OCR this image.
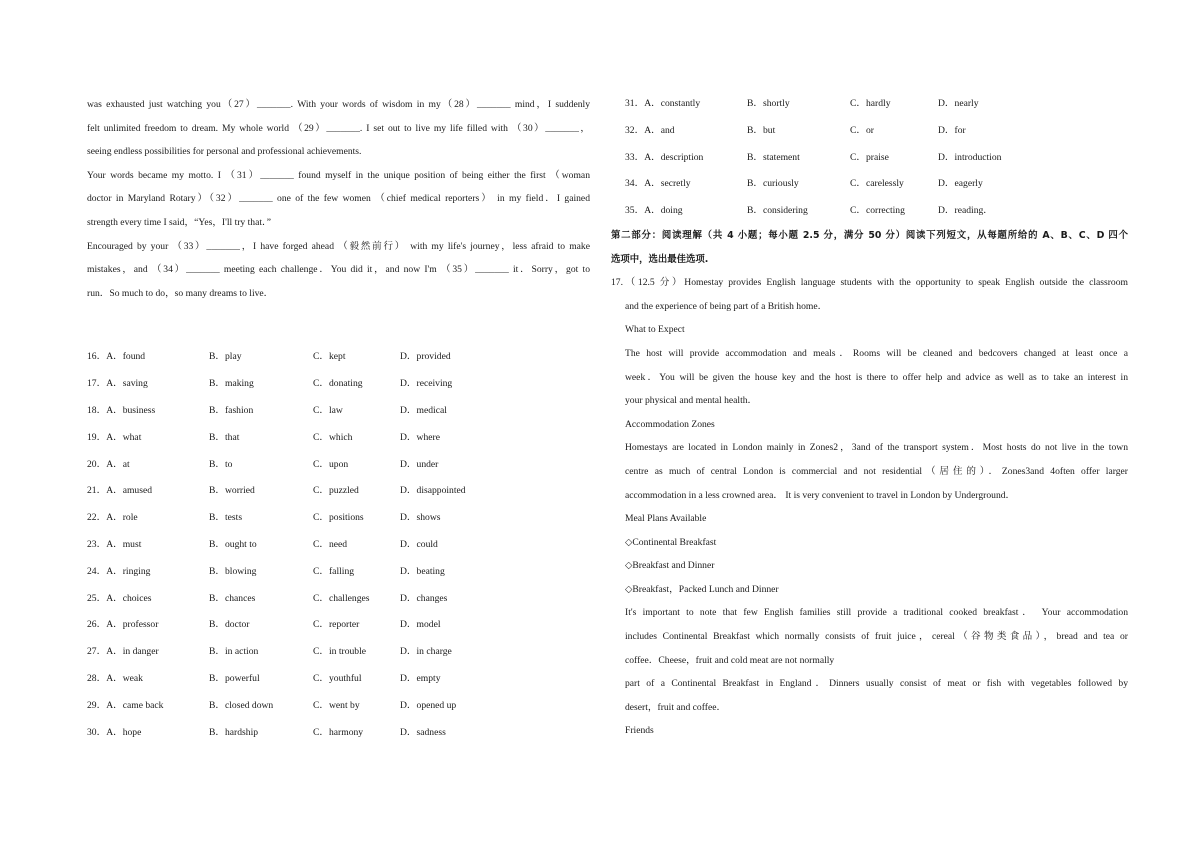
was exhausted just watching you（27）_______. With your words of wisdom in my（28）_______ mind，I suddenly
felt unlimited freedom to dream. My whole world （29）_______. I set out to live my life filled with （30）_______，
seeing endless possibilities for personal and professional achievements.
Your words became my motto. I （31）_______ found myself in the unique position of being either the first （woman
doctor in Maryland Rotary）（32）_______ one of the few women （chief medical reporters） in my field．I gained
strength every time I said，“Yes，I'll try that．”
Encouraged by your （33）_______，I have forged ahead （毅然前行） with my life's journey，less afraid to make
mistakes，and （34）_______ meeting each challenge．You did it，and now I'm （35）_______ it．Sorry，got to
run．So much to do，so many dreams to live．
16．A．found	B．play	C．kept	D．provided
17．A．saving	B．making	C．donating	D．receiving
18．A．business	B．fashion	C．law	D．medical
19．A．what	B．that	C．which	D．where
20．A．at	B．to	C．upon	D．under
21．A．amused	B．worried	C．puzzled	D．disappointed
22．A．role	B．tests	C．positions	D．shows
23．A．must	B．ought to	C．need	D．could
24．A．ringing	B．blowing	C．falling	D．beating
25．A．choices	B．chances	C．challenges	D．changes
26．A．professor	B．doctor	C．reporter	D．model
27．A．in danger	B．in action	C．in trouble	D．in charge
28．A．weak	B．powerful	C．youthful	D．empty
29．A．came back	B．closed down	C．went by	D．opened up
30．A．hope	B．hardship	C．harmony	D．sadness
31．A．constantly	B．shortly	C．hardly	D．nearly
32．A．and	B．but	C．or	D．for
33．A．description	B．statement	C．praise	D．introduction
34．A．secretly	B．curiously	C．carelessly	D．eagerly
35．A．doing	B．considering	C．correcting	D．reading．
第二部分：阅读理解（共 4 小题；每小题 2.5 分，满分 50 分）阅读下列短文，从每题所给的 A、B、C、D 四个
选项中，选出最佳选项.
17.（12.5 分）Homestay provides English language students with the opportunity to speak English outside the classroom
and the experience of being part of a British home．
What to Expect
The host will provide accommodation and meals．Rooms will be cleaned and bedcovers changed at least once a
week．You will be given the house key and the host is there to offer help and advice as well as to take an interest in
your physical and mental health．
Accommodation Zones
Homestays are located in London mainly in Zones2，3and of the transport system．Most hosts do not live in the town
centre as much of central London is commercial and not residential（居住的）．Zones3and 4often offer larger
accommodation in a less crowned area． It is very convenient to travel in London by Underground．
Meal Plans Available
◇Continental Breakfast
◇Breakfast and Dinner
◇Breakfast，Packed Lunch and Dinner
It's important to note that few English families still provide a traditional cooked breakfast． Your accommodation
includes Continental Breakfast which normally consists of fruit juice，cereal（谷物类食品），bread and tea or
coffee．Cheese，fruit and cold meat are not normally
part of a Continental Breakfast in England．Dinners usually consist of meat or fish with vegetables followed by
desert，fruit and coffee．
Friends
